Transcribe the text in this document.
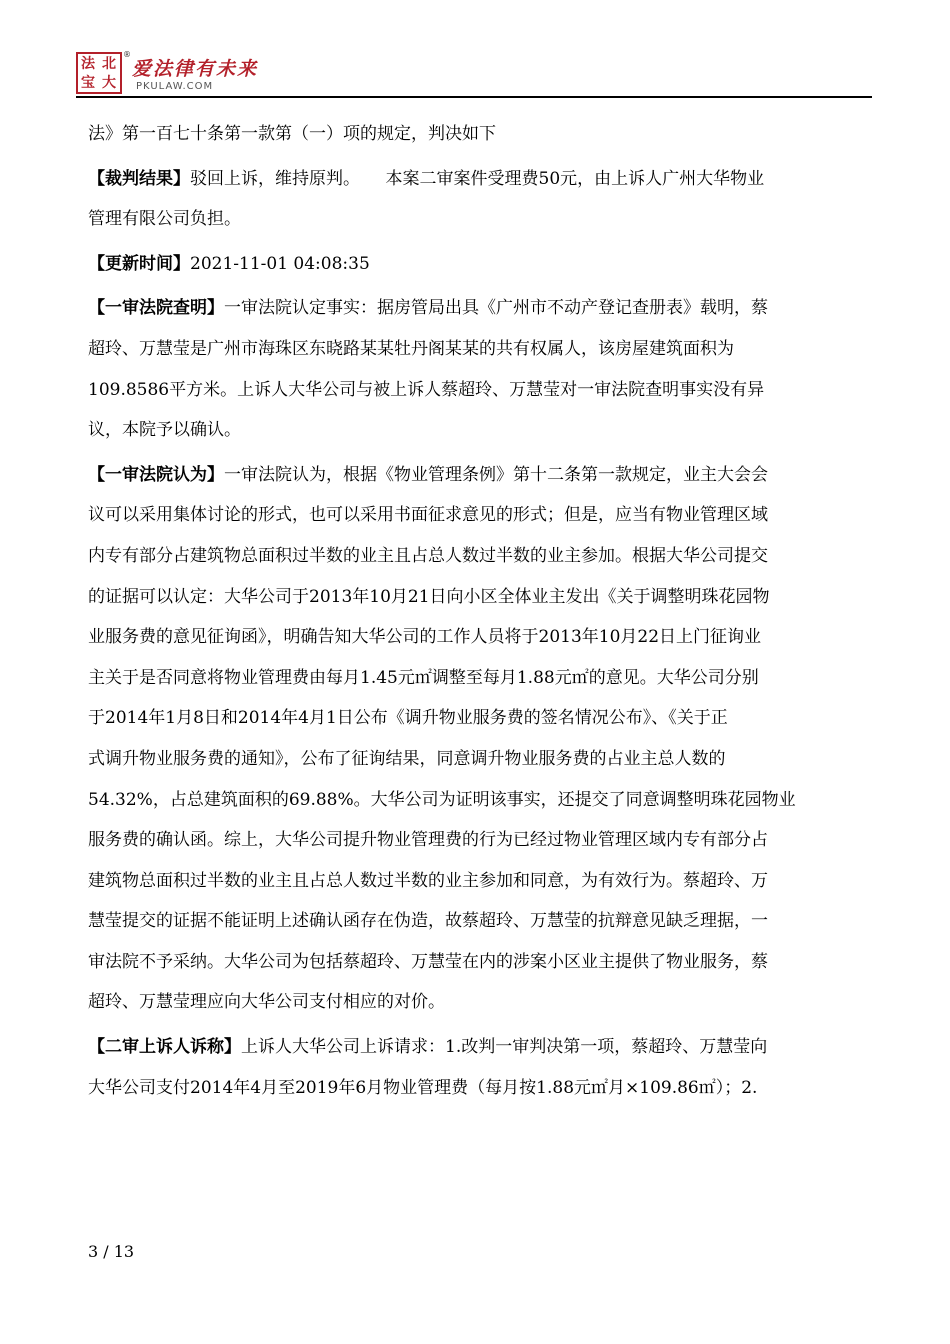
法 北
宝 大
®
爱法律有未来
PKULAW.COM
法》第一百七十条第一款第（一）项的规定，判决如下
【裁判结果】驳回上诉，维持原判。　　本案二审案件受理费50元，由上诉人广州大华物业
管理有限公司负担。
【更新时间】2021-11-01 04:08:35
【一审法院查明】一审法院认定事实：据房管局出具《广州市不动产登记查册表》载明，蔡
超玲、万慧莹是广州市海珠区东晓路某某牡丹阁某某的共有权属人，该房屋建筑面积为
109.8586平方米。上诉人大华公司与被上诉人蔡超玲、万慧莹对一审法院查明事实没有异
议，本院予以确认。
【一审法院认为】一审法院认为，根据《物业管理条例》第十二条第一款规定，业主大会会
议可以采用集体讨论的形式，也可以采用书面征求意见的形式；但是，应当有物业管理区域
内专有部分占建筑物总面积过半数的业主且占总人数过半数的业主参加。根据大华公司提交
的证据可以认定：大华公司于2013年10月21日向小区全体业主发出《关于调整明珠花园物
业服务费的意见征询函》，明确告知大华公司的工作人员将于2013年10月22日上门征询业
主关于是否同意将物业管理费由每月1.45元㎡调整至每月1.88元㎡的意见。大华公司分别
于2014年1月8日和2014年4月1日公布《调升物业服务费的签名情况公布》、《关于正
式调升物业服务费的通知》，公布了征询结果，同意调升物业服务费的占业主总人数的
54.32%，占总建筑面积的69.88%。大华公司为证明该事实，还提交了同意调整明珠花园物业
服务费的确认函。综上，大华公司提升物业管理费的行为已经过物业管理区域内专有部分占
建筑物总面积过半数的业主且占总人数过半数的业主参加和同意，为有效行为。蔡超玲、万
慧莹提交的证据不能证明上述确认函存在伪造，故蔡超玲、万慧莹的抗辩意见缺乏理据，一
审法院不予采纳。大华公司为包括蔡超玲、万慧莹在内的涉案小区业主提供了物业服务，蔡
超玲、万慧莹理应向大华公司支付相应的对价。
【二审上诉人诉称】上诉人大华公司上诉请求：1.改判一审判决第一项，蔡超玲、万慧莹向
大华公司支付2014年4月至2019年6月物业管理费（每月按1.88元㎡月×109.86㎡）；2.
3 / 13
